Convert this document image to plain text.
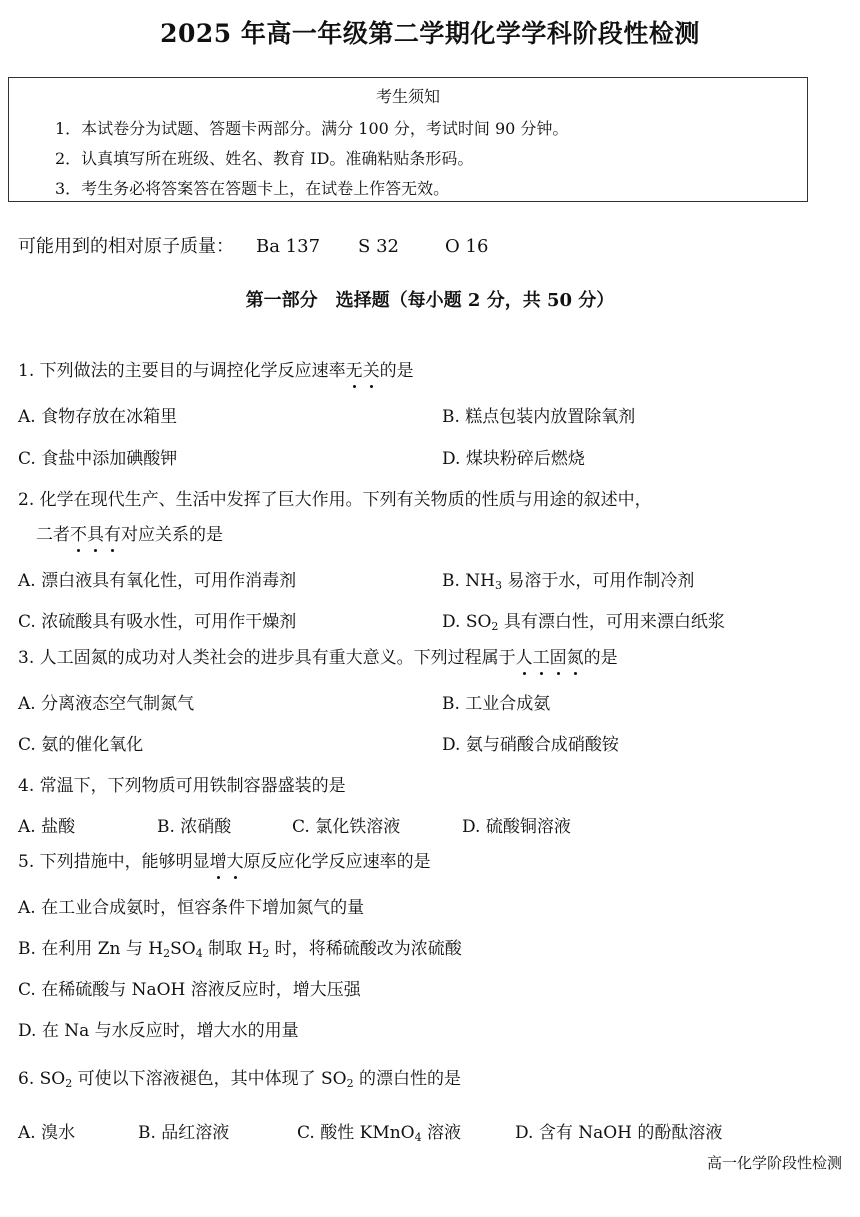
2025 年高一年级第二学期化学学科阶段性检测
考生须知
1．本试卷分为试题、答题卡两部分。满分 100 分，考试时间 90 分钟。
2．认真填写所在班级、姓名、教育 ID。准确粘贴条形码。
3．考生务必将答案答在答题卡上，在试卷上作答无效。
可能用到的相对原子质量： Ba 137 S 32	O 16
第一部分　选择题（每小题 2 分，共 50 分）
1. 下列做法的主要目的与调控化学反应速率无关的是
A. 食物存放在冰箱里	B. 糕点包装内放置除氧剂
C. 食盐中添加碘酸钾	D. 煤块粉碎后燃烧
2. 化学在现代生产、生活中发挥了巨大作用。下列有关物质的性质与用途的叙述中，
二者不具有对应关系的是
A. 漂白液具有氧化性，可用作消毒剂	B. $NH_3$ 易溶于水，可用作制冷剂
C. 浓硫酸具有吸水性，可用作干燥剂	D. $SO_2$ 具有漂白性，可用来漂白纸浆
3. 人工固氮的成功对人类社会的进步具有重大意义。下列过程属于人工固氮的是
A. 分离液态空气制氮气	B. 工业合成氨
C. 氨的催化氧化	D. 氨与硝酸合成硝酸铵
4. 常温下，下列物质可用铁制容器盛装的是
A. 盐酸	B. 浓硝酸	C. 氯化铁溶液	D. 硫酸铜溶液
5. 下列措施中，能够明显增大原反应化学反应速率的是
A. 在工业合成氨时，恒容条件下增加氮气的量
B. 在利用 Zn 与 $H_2SO_4$ 制取 $H_2$ 时，将稀硫酸改为浓硫酸
C. 在稀硫酸与 NaOH 溶液反应时，增大压强
D. 在 Na 与水反应时，增大水的用量
6. $SO_2$ 可使以下溶液褪色，其中体现了 $SO_2$ 的漂白性的是
A. 溴水	B. 品红溶液	C. 酸性 KMnO$_4$ 溶液	D. 含有 NaOH 的酚酞溶液
高一化学阶段性检测
